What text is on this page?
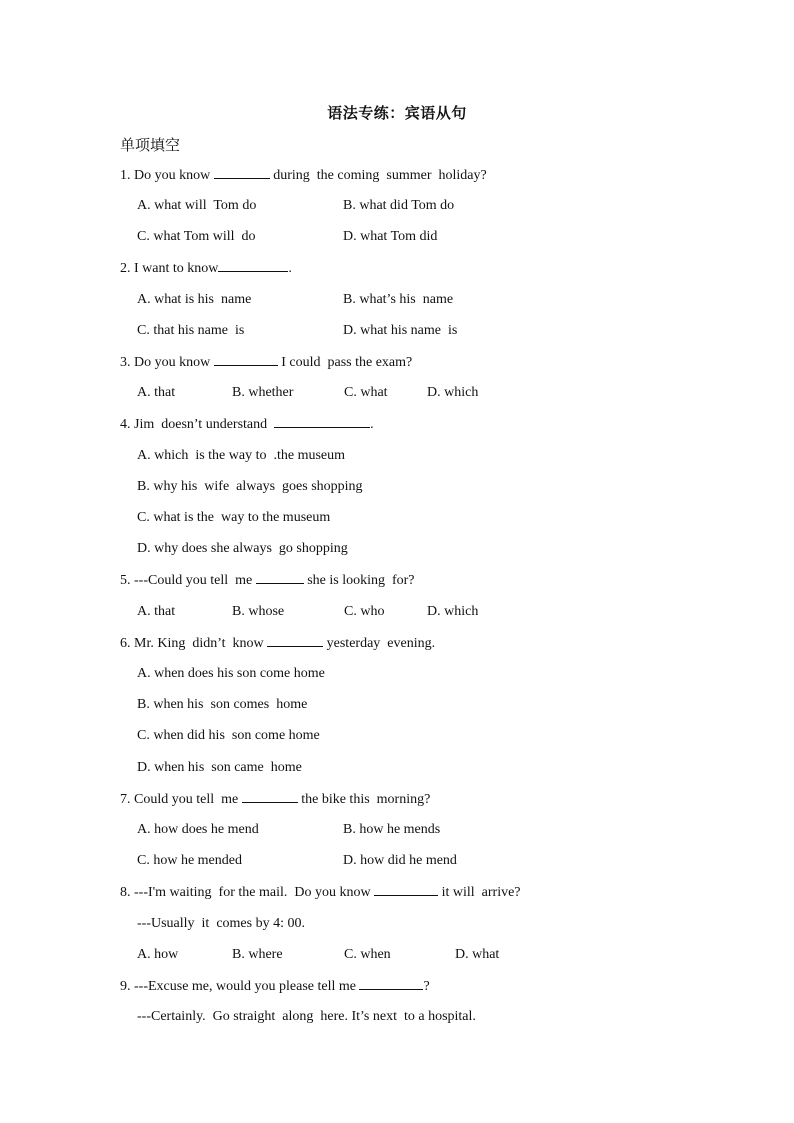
语法专练：宾语从句
单项填空
1. Do you know	during  the coming  summer  holiday?
A. what will  Tom do	B. what did Tom do
C. what Tom will  do	D. what Tom did
2. I want to know	.
A. what is his  name	B. what’s his  name
C. that his name  is	D. what his name  is
3. Do you know	I could  pass the exam?
A. that	B. whether	C. what	D. which
4. Jim  doesn’t understand	.
A. which  is the way to  .the museum
B. why his  wife  always  goes shopping
C. what is the  way to the museum
D. why does she always  go shopping
5. ---Could you tell  me	she is looking  for?
A. that	B. whose	C. who	D. which
6. Mr. King  didn’t  know	yesterday  evening.
A. when does his son come home
B. when his  son comes  home
C. when did his  son come home
D. when his  son came  home
7. Could you tell  me	the bike this  morning?
A. how does he mend	B. how he mends
C. how he mended	D. how did he mend
8. ---I'm waiting  for the mail.  Do you know	it will  arrive?
---Usually  it  comes by 4: 00.
A. how	B. where	C. when	D. what
9. ---Excuse me, would you please tell me	?
---Certainly.  Go straight  along  here. It’s next  to a hospital.
